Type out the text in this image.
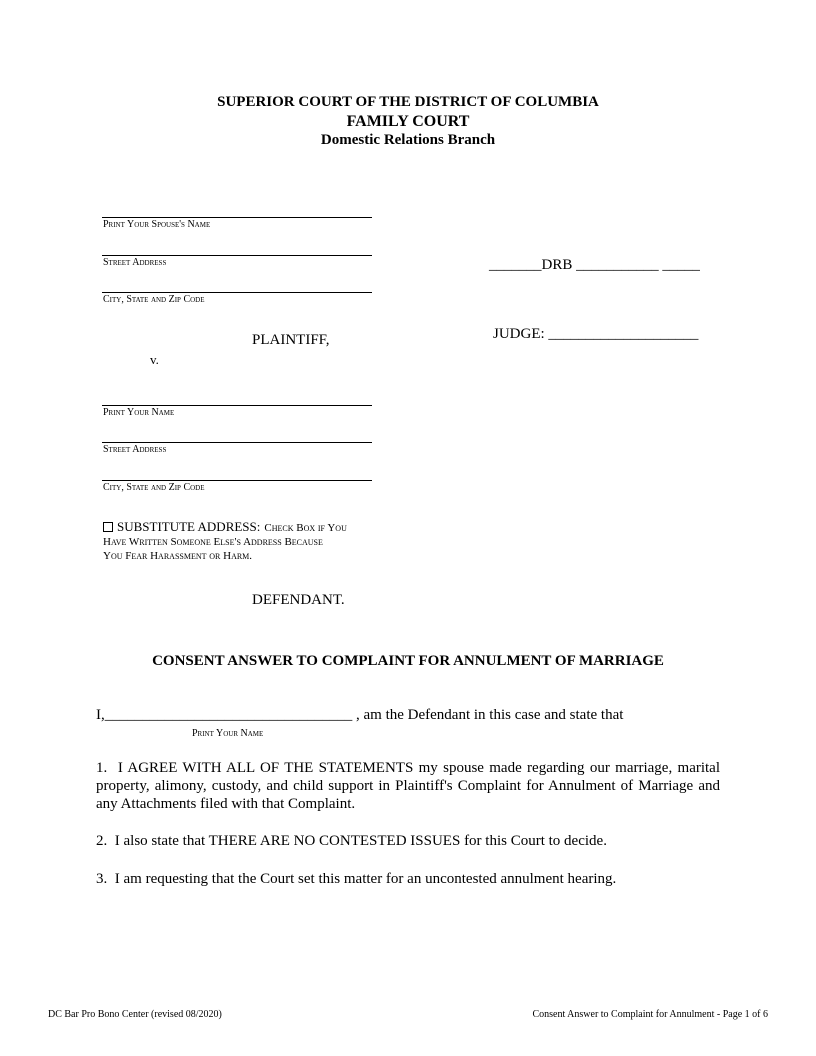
SUPERIOR COURT OF THE DISTRICT OF COLUMBIA
FAMILY COURT
Domestic Relations Branch
Print Your Spouse's Name
Street Address
City, State and Zip Code
PLAINTIFF,
v.
Print Your Name
Street Address
City, State and Zip Code
SUBSTITUTE ADDRESS: Check Box if You
Have Written Someone Else's Address Because
You Fear Harassment or Harm.
DEFENDANT.
_______DRB ___________ _____
JUDGE: ____________________
CONSENT ANSWER TO COMPLAINT FOR ANNULMENT OF MARRIAGE
I,_________________________________ , am the Defendant in this case and state that
Print Your Name
1. I AGREE WITH ALL OF THE STATEMENTS my spouse made regarding our marriage, marital property, alimony, custody, and child support in Plaintiff's Complaint for Annulment of Marriage and any Attachments filed with that Complaint.
2. I also state that THERE ARE NO CONTESTED ISSUES for this Court to decide.
3. I am requesting that the Court set this matter for an uncontested annulment hearing.
DC Bar Pro Bono Center (revised 08/2020)	Consent Answer to Complaint for Annulment - Page 1 of 6
